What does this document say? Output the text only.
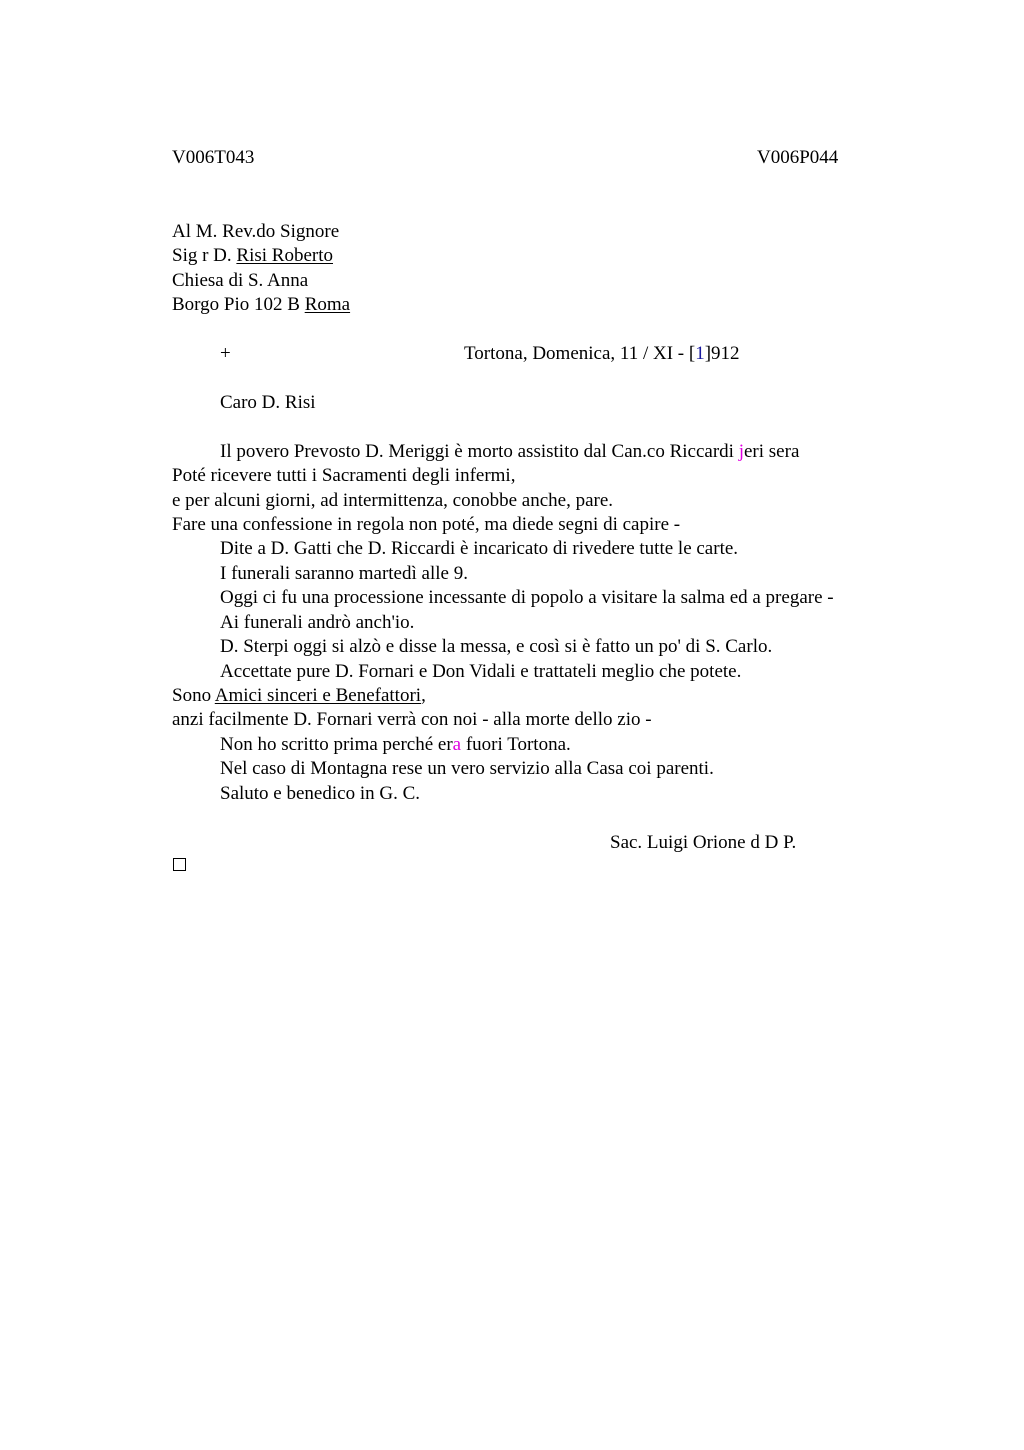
V006T043	V006P044
Al M. Rev.do Signore
Sig r D. Risi Roberto
Chiesa di S. Anna
Borgo Pio 102 B Roma
+	Tortona, Domenica, 11 / XI - [1]912
Caro D. Risi
Il povero Prevosto D. Meriggi è morto assistito dal Can.co Riccardi jeri sera
Poté ricevere tutti i Sacramenti degli infermi,
e per alcuni giorni, ad intermittenza, conobbe anche, pare.
Fare una confessione in regola non poté, ma diede segni di capire -
Dite a D. Gatti che D. Riccardi è incaricato di rivedere tutte le carte.
I funerali saranno martedì alle 9.
Oggi ci fu una processione incessante di popolo a visitare la salma ed a pregare -
Ai funerali andrò anch'io.
D. Sterpi oggi si alzò e disse la messa, e così si è fatto un po' di S. Carlo.
Accettate pure D. Fornari e Don Vidali e trattateli meglio che potete.
Sono Amici sinceri e Benefattori,
anzi facilmente D. Fornari verrà con noi - alla morte dello zio -
Non ho scritto prima perché era fuori Tortona.
Nel caso di Montagna rese un vero servizio alla Casa coi parenti.
Saluto e benedico in G. C.
Sac. Luigi Orione d D P.
